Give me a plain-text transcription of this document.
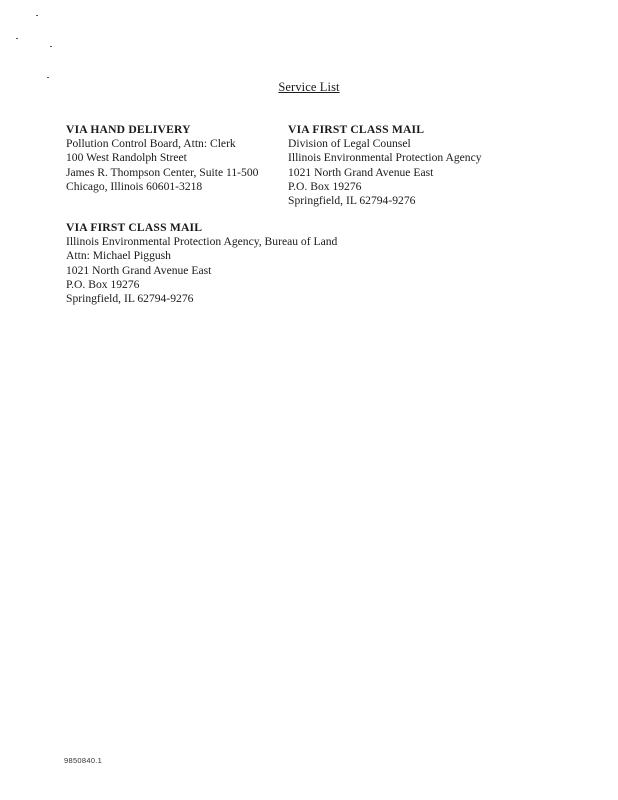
Service List
VIA HAND DELIVERY
Pollution Control Board, Attn: Clerk
100 West Randolph Street
James R. Thompson Center, Suite 11-500
Chicago, Illinois 60601-3218
VIA FIRST CLASS MAIL
Division of Legal Counsel
Illinois Environmental Protection Agency
1021 North Grand Avenue East
P.O. Box 19276
Springfield, IL 62794-9276
VIA FIRST CLASS MAIL
Illinois Environmental Protection Agency, Bureau of Land
Attn: Michael Piggush
1021 North Grand Avenue East
P.O. Box 19276
Springfield, IL 62794-9276
9850840.1
